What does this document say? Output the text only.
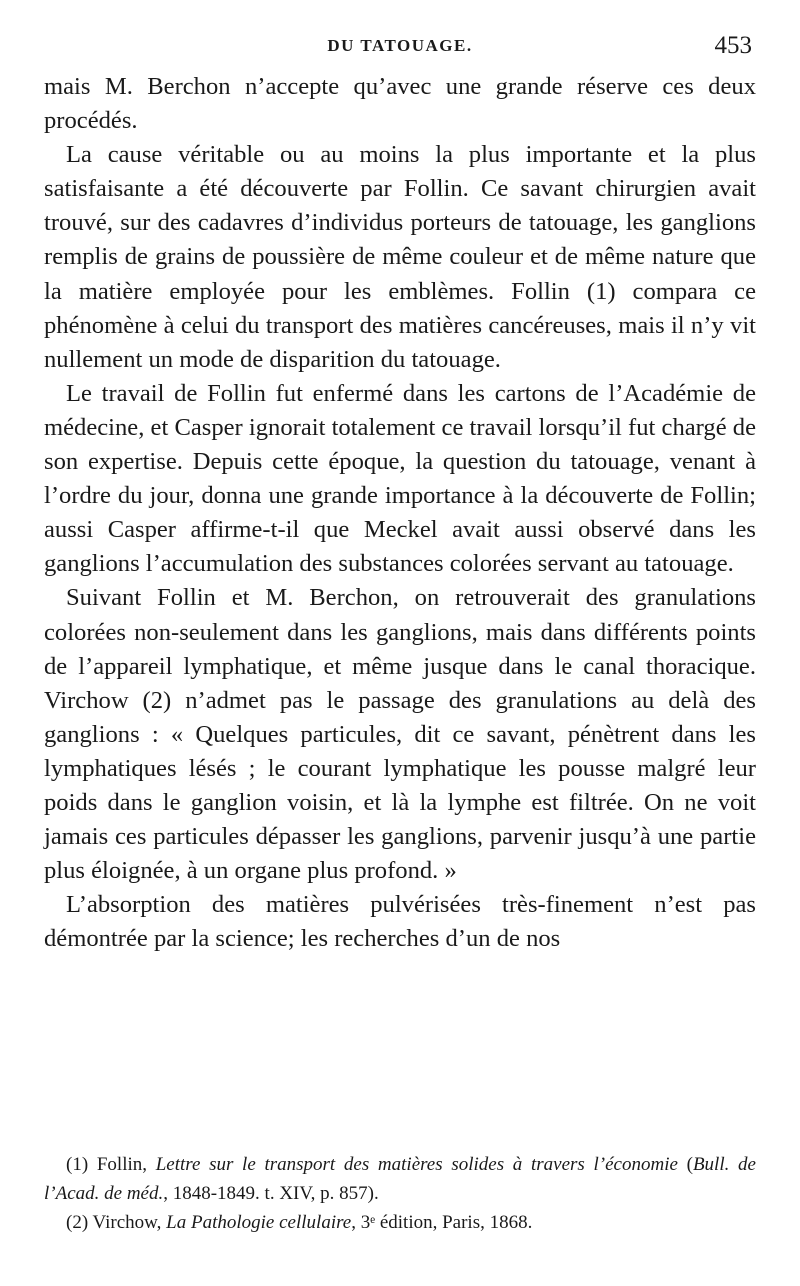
DU TATOUAGE.	453

mais M. Berchon n’accepte qu’avec une grande réserve ces deux procédés.

La cause véritable ou au moins la plus importante et la plus satisfaisante a été découverte par Follin. Ce savant chirurgien avait trouvé, sur des cadavres d’individus porteurs de tatouage, les ganglions remplis de grains de poussière de même couleur et de même nature que la matière employée pour les emblèmes. Follin (1) compara ce phénomène à celui du transport des matières cancéreuses, mais il n’y vit nullement un mode de disparition du tatouage.

Le travail de Follin fut enfermé dans les cartons de l’Académie de médecine, et Casper ignorait totalement ce travail lorsqu’il fut chargé de son expertise. Depuis cette époque, la question du tatouage, venant à l’ordre du jour, donna une grande importance à la découverte de Follin; aussi Casper affirme-t-il que Meckel avait aussi observé dans les ganglions l’accumulation des substances colorées servant au tatouage.

Suivant Follin et M. Berchon, on retrouverait des granulations colorées non-seulement dans les ganglions, mais dans différents points de l’appareil lymphatique, et même jusque dans le canal thoracique. Virchow (2) n’admet pas le passage des granulations au delà des ganglions : « Quelques particules, dit ce savant, pénètrent dans les lymphatiques lésés ; le courant lymphatique les pousse malgré leur poids dans le ganglion voisin, et là la lymphe est filtrée. On ne voit jamais ces particules dépasser les ganglions, parvenir jusqu’à une partie plus éloignée, à un organe plus profond. »

L’absorption des matières pulvérisées très-finement n’est pas démontrée par la science; les recherches d’un de nos

(1) Follin, Lettre sur le transport des matières solides à travers l’économie (Bull. de l’Acad. de méd., 1848-1849. t. XIV, p. 857).

(2) Virchow, La Pathologie cellulaire, 3ᵉ édition, Paris, 1868.
